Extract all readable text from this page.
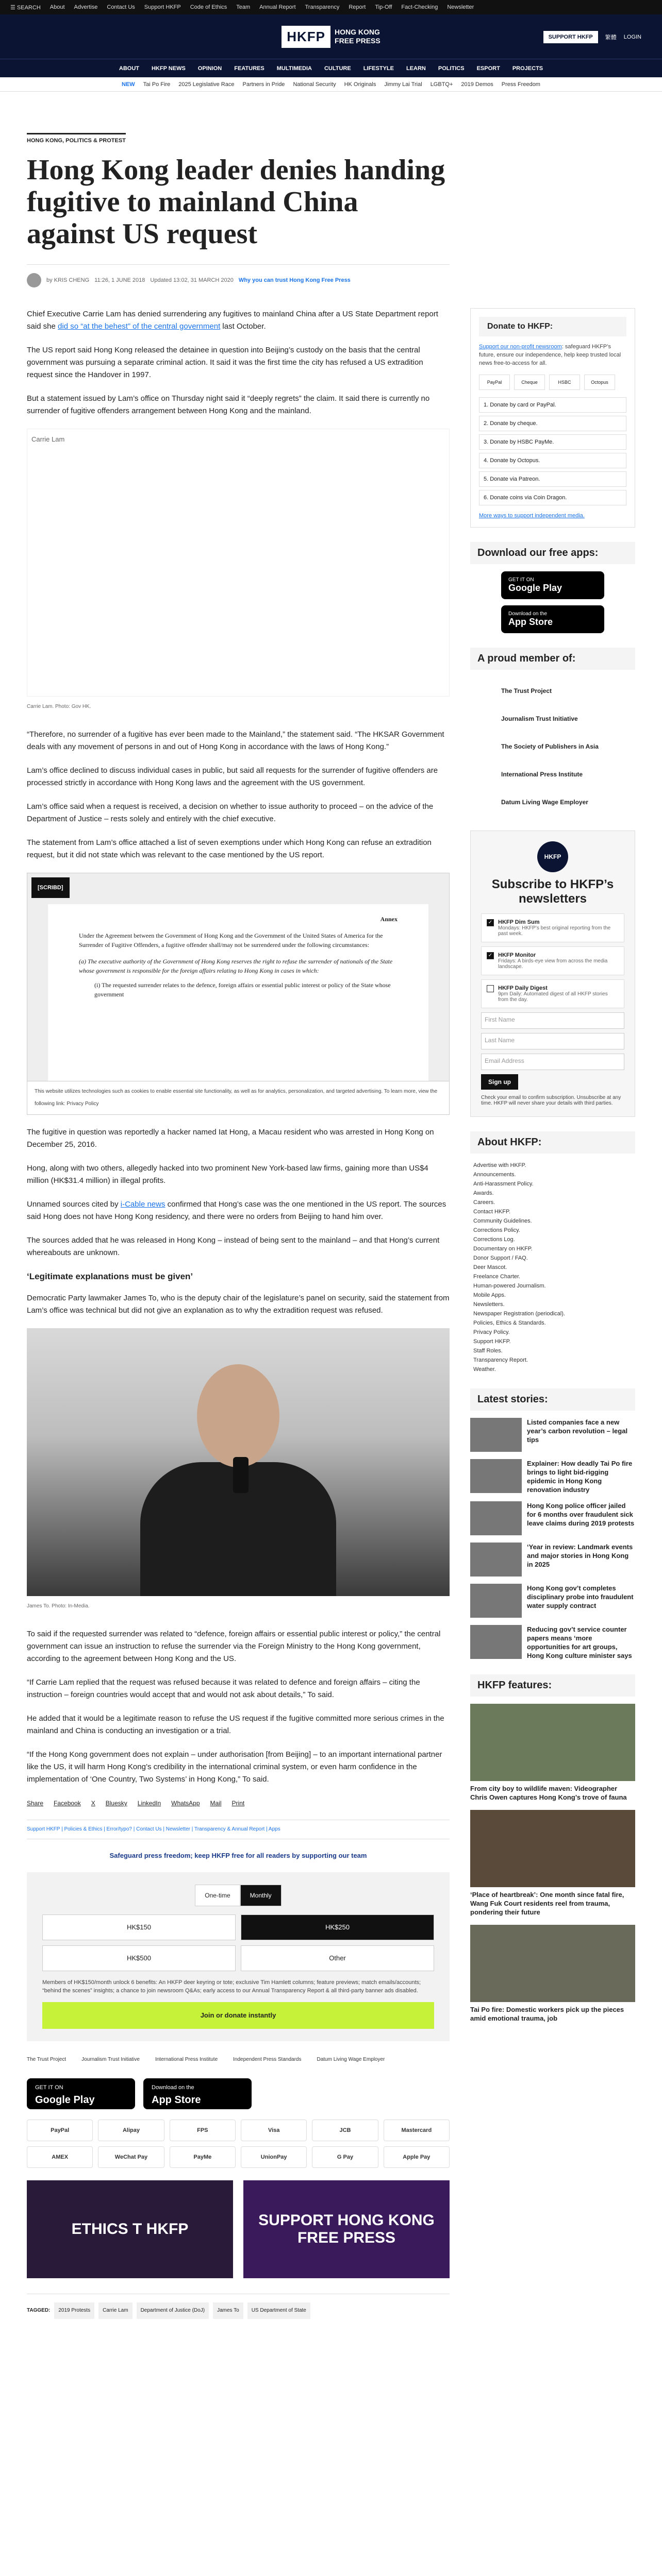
☰ SEARCH About Advertise Contact Us Support HKFP Code of Ethics Team Annual Report Transparency Report Tip-Off Fact-Checking Newsletter
HKFP	HONG KONG
FREE PRESS	SUPPORT HKFP	繁體 LOGIN
ABOUT HKFP NEWS OPINION FEATURES MULTIMEDIA CULTURE LIFESTYLE LEARN POLITICS ESPORT PROJECTS
NEW Tai Po Fire 2025 Legislative Race Partners in Pride National Security HK Originals Jimmy Lai Trial LGBTQ+ 2019 Demos Press Freedom
HONG KONG, POLITICS & PROTEST
Hong Kong leader denies handing fugitive to mainland China against US request
by KRIS CHENG 11:26, 1 JUNE 2018 Updated 13:02, 31 MARCH 2020 Why you can trust Hong Kong Free Press

Chief Executive Carrie Lam has denied surrendering any fugitives to mainland China after a US State Department report said she did so “at the behest” of the central government last October.

The US report said Hong Kong released the detainee in question into Beijing’s custody on the basis that the central government was pursuing a separate criminal action. It said it was the first time the city has refused a US extradition request since the Handover in 1997.

But a statement issued by Lam’s office on Thursday night said it “deeply regrets” the claim. It said there is currently no surrender of fugitive offenders arrangement between Hong Kong and the mainland.

Carrie Lam
Carrie Lam. Photo: Gov HK.

“Therefore, no surrender of a fugitive has ever been made to the Mainland,” the statement said. “The HKSAR Government deals with any movement of persons in and out of Hong Kong in accordance with the laws of Hong Kong.”

Lam’s office declined to discuss individual cases in public, but said all requests for the surrender of fugitive offenders are processed strictly in accordance with Hong Kong laws and the agreement with the US government.

Lam’s office said when a request is received, a decision on whether to issue authority to proceed – on the advice of the Department of Justice – rests solely and entirely with the chief executive.

The statement from Lam’s office attached a list of seven exemptions under which Hong Kong can refuse an extradition request, but it did not state which was relevant to the case mentioned by the US report.

[SCRIBD]
Annex
Under the Agreement between the Government of Hong Kong and the Government of the United States of America for the Surrender of Fugitive Offenders, a fugitive offender shall/may not be surrendered under the following circumstances:
(a) The executive authority of the Government of Hong Kong reserves the right to refuse the surrender of nationals of the State whose government is responsible for the foreign affairs relating to Hong Kong in cases in which:
(i) The requested surrender relates to the defence, foreign affairs or essential public interest or policy of the State whose government
This website utilizes technologies such as cookies to enable essential site functionality, as well as for analytics, personalization, and targeted advertising. To learn more, view the following link: Privacy Policy

The fugitive in question was reportedly a hacker named Iat Hong, a Macau resident who was arrested in Hong Kong on December 25, 2016.

Hong, along with two others, allegedly hacked into two prominent New York-based law firms, gaining more than US$4 million (HK$31.4 million) in illegal profits.

Unnamed sources cited by i-Cable news confirmed that Hong’s case was the one mentioned in the US report. The sources said Hong does not have Hong Kong residency, and there were no orders from Beijing to hand him over.

The sources added that he was released in Hong Kong – instead of being sent to the mainland – and that Hong’s current whereabouts are unknown.

‘Legitimate explanations must be given’

Democratic Party lawmaker James To, who is the deputy chair of the legislature’s panel on security, said the statement from Lam’s office was technical but did not give an explanation as to why the extradition request was refused.

James To. Photo: In-Media.

To said if the requested surrender was related to “defence, foreign affairs or essential public interest or policy,” the central government can issue an instruction to refuse the surrender via the Foreign Ministry to the Hong Kong government, according to the agreement between Hong Kong and the US.

“If Carrie Lam replied that the request was refused because it was related to defence and foreign affairs – citing the instruction – foreign countries would accept that and would not ask about details,” To said.

He added that it would be a legitimate reason to refuse the US request if the fugitive committed more serious crimes in the mainland and China is conducting an investigation or a trial.

“If the Hong Kong government does not explain – under authorisation [from Beijing] – to an important international partner like the US, it will harm Hong Kong’s credibility in the international criminal system, or even harm confidence in the implementation of ‘One Country, Two Systems’ in Hong Kong,” To said.

Share Facebook X Bluesky LinkedIn WhatsApp Mail Print
Support HKFP | Policies & Ethics | Error/typo? | Contact Us | Newsletter | Transparency & Annual Report | Apps
Safeguard press freedom; keep HKFP free for all readers by supporting our team
One-time	Monthly
HK$150	HK$250
HK$500	Other
Members of HK$150/month unlock 6 benefits: An HKFP deer keyring or tote; exclusive Tim Hamlett columns; feature previews; match emails/accounts; “behind the scenes” insights; a chance to join newsroom Q&As; early access to our Annual Transparency Report & all third-party banner ads disabled.
Join or donate instantly
The Trust Project	Journalism Trust Initiative	International Press Institute	Independent Press Standards	Datum Living Wage Employer
GET IT ON
Google Play
Download on the
App Store
PayPal	Alipay	FPS	Visa	JCB	Mastercard
AMEX	WeChat Pay	PayMe	UnionPay	G Pay	Apple Pay
ETHICS T HKFP
SUPPORT HONG KONG FREE PRESS
TAGGED:	2019 Protests	Carrie Lam	Department of Justice (DoJ)	James To	US Department of State
Donate to HKFP:
Support our non-profit newsroom: safeguard HKFP’s future, ensure our independence, help keep trusted local news free-to-access for all.
PayPal	Cheque	HSBC	Octopus
1. Donate by card or PayPal.
2. Donate by cheque.
3. Donate by HSBC PayMe.
4. Donate by Octopus.
5. Donate via Patreon.
6. Donate coins via Coin Dragon.
More ways to support independent media.
Download our free apps:
GET IT ON
Google Play
Download on the
App Store
A proud member of:
The Trust Project
Journalism Trust Initiative
The Society of Publishers in Asia
International Press Institute
Datum Living Wage Employer
HKFP
Subscribe to HKFP’s newsletters
✓ HKFP Dim Sum
Mondays: HKFP’s best original reporting from the past week.
✓ HKFP Monitor
Fridays: A birds-eye view from across the media landscape.
HKFP Daily Digest
9pm Daily: Automated digest of all HKFP stories from the day.
First Name
Last Name
Email Address
Sign up

Check your email to confirm subscription. Unsubscribe at any time. HKFP will never share your details with third parties.

About HKFP:
Advertise with HKFP.
Announcements.
Anti-Harassment Policy.
Awards.
Careers.
Contact HKFP.
Community Guidelines.
Corrections Policy.
Corrections Log.
Documentary on HKFP.
Donor Support / FAQ.
Deer Mascot.
Freelance Charter.
Human-powered Journalism.
Mobile Apps.
Newsletters.
Newspaper Registration (periodical).
Policies, Ethics & Standards.
Privacy Policy.
Support HKFP.
Staff Roles.
Transparency Report.
Weather.
Latest stories:
Listed companies face a new year’s carbon revolution – legal tips
Explainer: How deadly Tai Po fire brings to light bid-rigging epidemic in Hong Kong renovation industry
Hong Kong police officer jailed for 6 months over fraudulent sick leave claims during 2019 protests
‘Year in review: Landmark events and major stories in Hong Kong in 2025
Hong Kong gov’t completes disciplinary probe into fraudulent water supply contract
Reducing gov’t service counter papers means ‘more opportunities for art groups, Hong Kong culture minister says
HKFP features:
From city boy to wildlife maven: Videographer Chris Owen captures Hong Kong’s trove of fauna
‘Place of heartbreak’: One month since fatal fire, Wang Fuk Court residents reel from trauma, pondering their future
Tai Po fire: Domestic workers pick up the pieces amid emotional trauma, job
